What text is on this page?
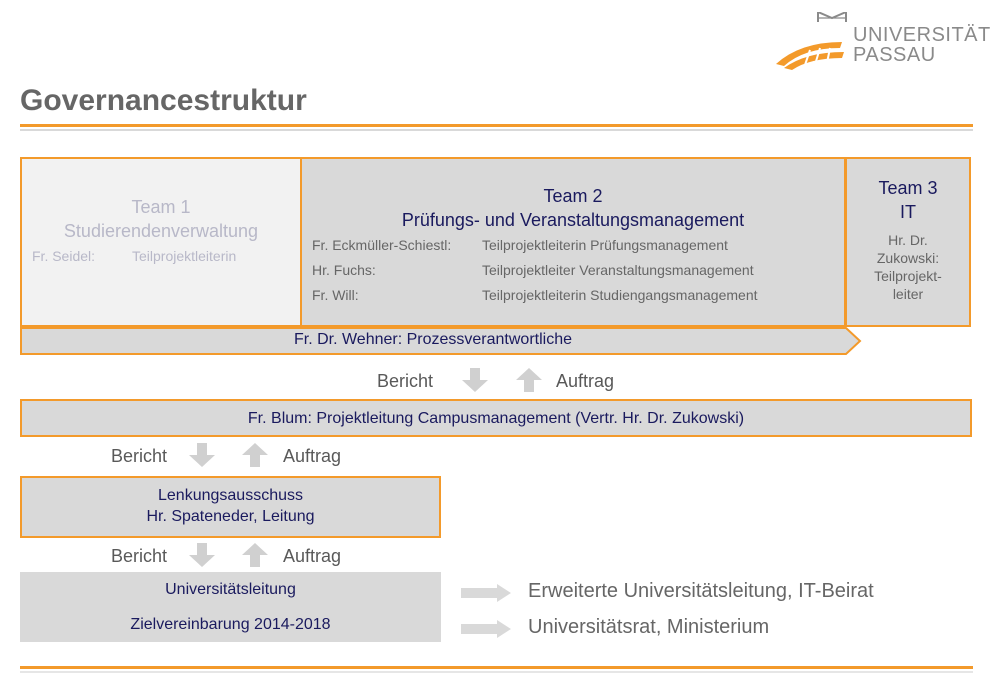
UNIVERSITÄT
PASSAU
Governancestruktur
Team 1
Studierendenverwaltung
Fr. Seidel:	Teilprojektleiterin
Team 2
Prüfungs- und Veranstaltungsmanagement
Fr. Eckmüller-Schiestl: Teilprojektleiterin Prüfungsmanagement
Hr. Fuchs:	Teilprojektleiter Veranstaltungsmanagement
Fr. Will:	Teilprojektleiterin Studiengangsmanagement
Team 3
IT
Hr. Dr.
Zukowski:
Teilprojekt-
leiter
Fr. Dr. Wehner: Prozessverantwortliche
Bericht	Auftrag
Fr. Blum: Projektleitung Campusmanagement (Vertr. Hr. Dr. Zukowski)
Bericht	Auftrag
Lenkungsausschuss
Hr. Spateneder, Leitung
Bericht	Auftrag
Universitätsleitung
Zielvereinbarung 2014-2018
Erweiterte Universitätsleitung, IT-Beirat
Universitätsrat, Ministerium
